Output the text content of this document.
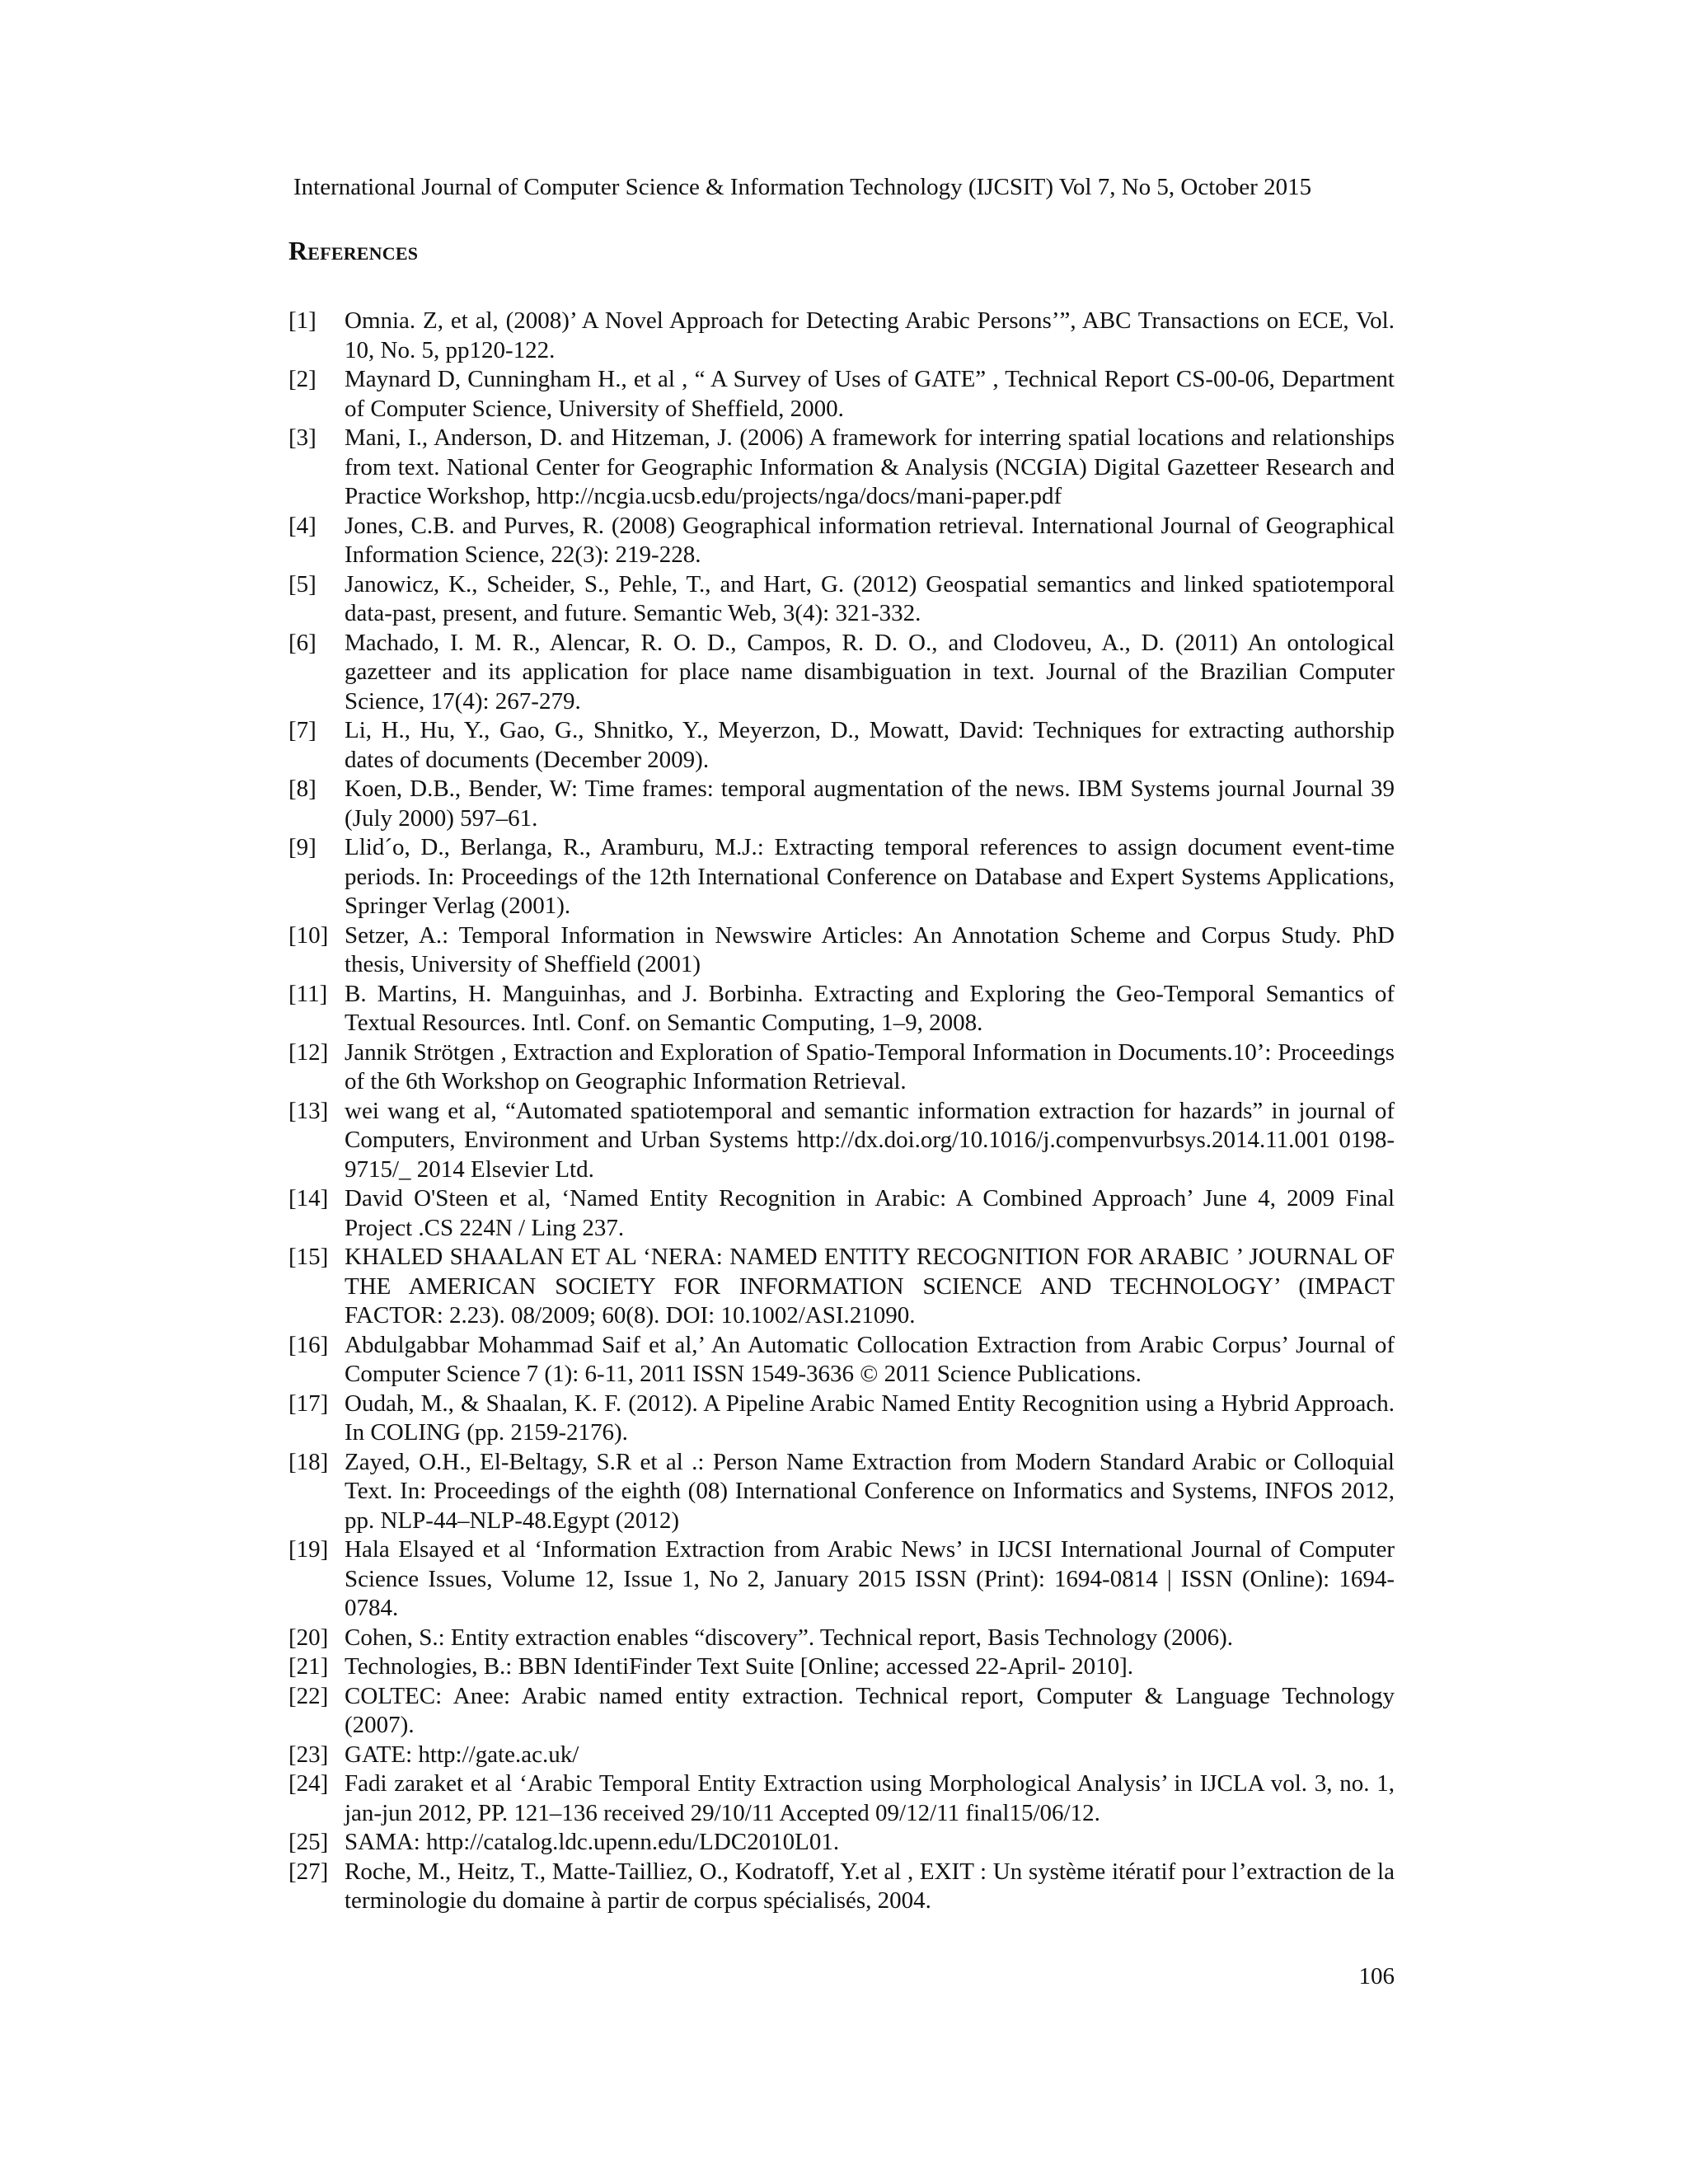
International Journal of Computer Science & Information Technology (IJCSIT) Vol 7, No 5, October 2015
References
[1]	Omnia. Z, et al, (2008)’ A Novel Approach for Detecting Arabic Persons’”, ABC Transactions on ECE, Vol. 10, No. 5, pp120-122.
[2]	Maynard D, Cunningham H., et al , “ A Survey of Uses of GATE” , Technical Report CS-00-06, Department of Computer Science, University of Sheffield, 2000.
[3]	Mani, I., Anderson, D. and Hitzeman, J. (2006) A framework for interring spatial locations and relationships from text. National Center for Geographic Information & Analysis (NCGIA) Digital Gazetteer Research and Practice Workshop, http://ncgia.ucsb.edu/projects/nga/docs/mani-paper.pdf
[4]	Jones, C.B. and Purves, R. (2008) Geographical information retrieval. International Journal of Geographical Information Science, 22(3): 219-228.
[5]	Janowicz, K., Scheider, S., Pehle, T., and Hart, G. (2012) Geospatial semantics and linked spatiotemporal data-past, present, and future. Semantic Web, 3(4): 321-332.
[6]	Machado, I. M. R., Alencar, R. O. D., Campos, R. D. O., and Clodoveu, A., D. (2011) An ontological gazetteer and its application for place name disambiguation in text. Journal of the Brazilian Computer Science, 17(4): 267-279.
[7]	Li, H., Hu, Y., Gao, G., Shnitko, Y., Meyerzon, D., Mowatt, David: Techniques for extracting authorship dates of documents (December 2009).
[8]	Koen, D.B., Bender, W: Time frames: temporal augmentation of the news. IBM Systems journal Journal 39 (July 2000) 597–61.
[9]	Llid´o, D., Berlanga, R., Aramburu, M.J.: Extracting temporal references to assign document event-time periods. In: Proceedings of the 12th International Conference on Database and Expert Systems Applications, Springer Verlag (2001).
[10] Setzer, A.: Temporal Information in Newswire Articles: An Annotation Scheme and Corpus Study. PhD thesis, University of Sheffield (2001)
[11] B. Martins, H. Manguinhas, and J. Borbinha. Extracting and Exploring the Geo-Temporal Semantics of Textual Resources. Intl. Conf. on Semantic Computing, 1–9, 2008.
[12] Jannik Strötgen , Extraction and Exploration of Spatio-Temporal Information in Documents.10’: Proceedings of the 6th Workshop on Geographic Information Retrieval.
[13] wei wang et al, “Automated spatiotemporal and semantic information extraction for hazards” in journal of Computers, Environment and Urban Systems http://dx.doi.org/10.1016/j.compenvurbsys.2014.11.001 0198-9715/_ 2014 Elsevier Ltd.
[14] David O'Steen et al, ‘Named Entity Recognition in Arabic: A Combined Approach’ June 4, 2009 Final Project .CS 224N / Ling 237.
[15] KHALED SHAALAN ET AL ‘NERA: NAMED ENTITY RECOGNITION FOR ARABIC ’ JOURNAL OF THE AMERICAN SOCIETY FOR INFORMATION SCIENCE AND TECHNOLOGY’ (IMPACT FACTOR: 2.23). 08/2009; 60(8). DOI: 10.1002/ASI.21090.
[16] Abdulgabbar Mohammad Saif et al,’ An Automatic Collocation Extraction from Arabic Corpus’ Journal of Computer Science 7 (1): 6-11, 2011 ISSN 1549-3636 © 2011 Science Publications.
[17] Oudah, M., & Shaalan, K. F. (2012). A Pipeline Arabic Named Entity Recognition using a Hybrid Approach. In COLING (pp. 2159-2176).
[18] Zayed, O.H., El-Beltagy, S.R et al .: Person Name Extraction from Modern Standard Arabic or Colloquial Text. In: Proceedings of the eighth (08) International Conference on Informatics and Systems, INFOS 2012, pp. NLP-44–NLP-48.Egypt (2012)
[19] Hala Elsayed et al ‘Information Extraction from Arabic News’ in IJCSI International Journal of Computer Science Issues, Volume 12, Issue 1, No 2, January 2015 ISSN (Print): 1694-0814 | ISSN (Online): 1694-0784.
[20] Cohen, S.: Entity extraction enables “discovery”. Technical report, Basis Technology (2006).
[21] Technologies, B.: BBN IdentiFinder Text Suite [Online; accessed 22-April- 2010].
[22] COLTEC: Anee: Arabic named entity extraction. Technical report, Computer & Language Technology (2007).
[23] GATE: http://gate.ac.uk/
[24] Fadi zaraket et al ‘Arabic Temporal Entity Extraction using Morphological Analysis’ in IJCLA vol. 3, no. 1, jan-jun 2012, PP. 121–136 received 29/10/11 Accepted 09/12/11 final15/06/12.
[25] SAMA: http://catalog.ldc.upenn.edu/LDC2010L01.
[27] Roche, M., Heitz, T., Matte-Tailliez, O., Kodratoff, Y.et al , EXIT : Un système itératif pour l’extraction de la terminologie du domaine à partir de corpus spécialisés, 2004.
106
